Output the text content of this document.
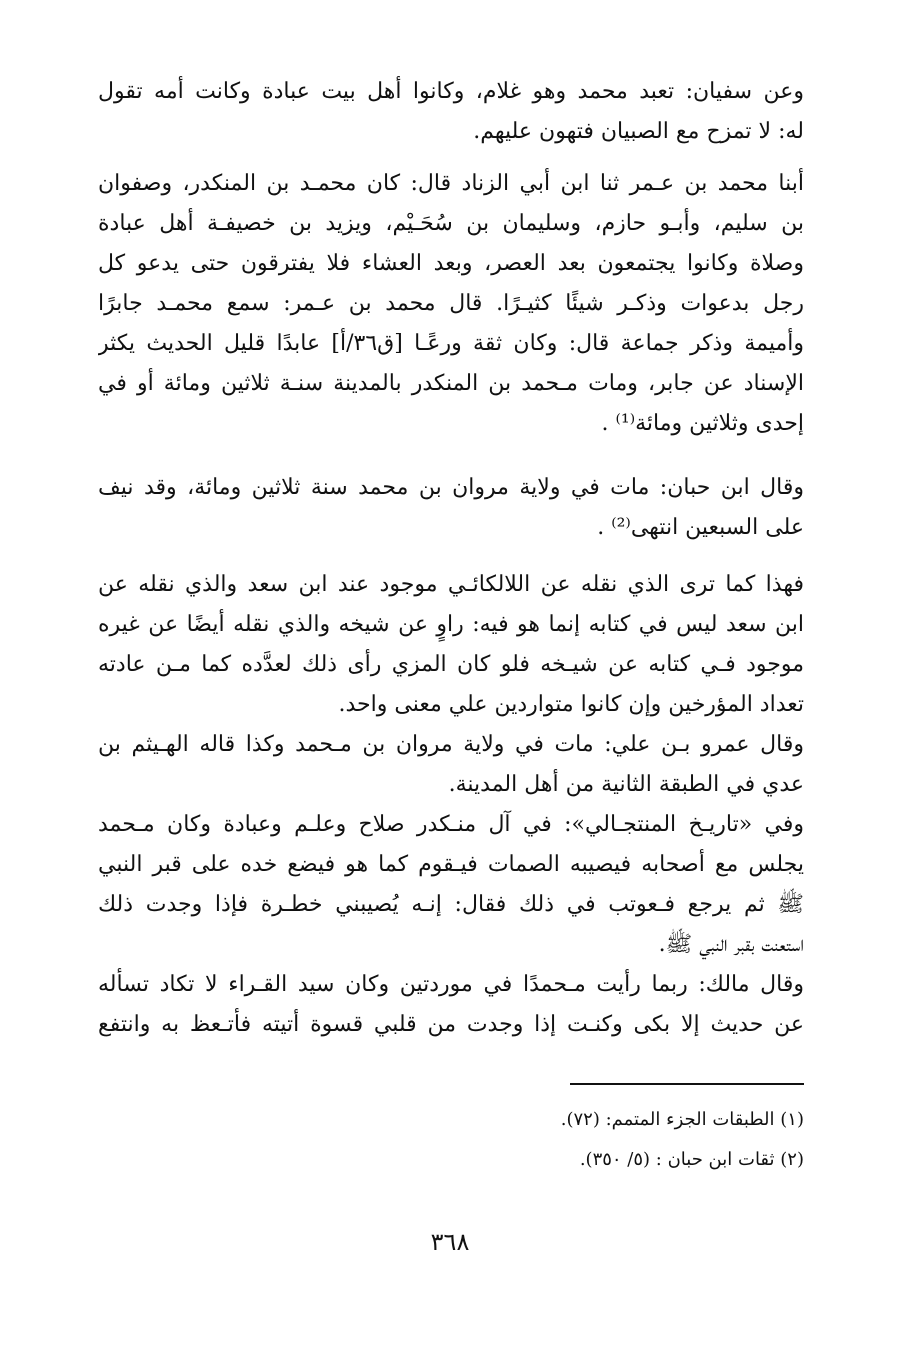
وعن سفيان: تعبد محمد وهو غلام، وكانوا أهل بيت عبادة وكانت أمه تقول
له: لا تمزح مع الصبيان فتهون عليهم.
أبنا محمد بن عـمر ثنا ابن أبي الزناد قال: كان محمـد بن المنكدر، وصفوان
بن سليم، وأبـو حازم، وسليمان بن سُحَـيْم، ويزيد بن خصيفـة أهل عبادة
وصلاة وكانوا يجتمعون بعد العصر، وبعد العشاء فلا يفترقون حتى يدعو كل
رجل بدعوات وذكـر شيئًا كثيـرًا. قال محمد بن عـمر: سمع محمـد جابرًا
وأميمة وذكر جماعة قال: وكان ثقة ورعًـا [ق٣٦/أ] عابدًا قليل الحديث يكثر
الإسناد عن جابر، ومات مـحمد بن المنكدر بالمدينة سنـة ثلاثين ومائة أو في
إحدى وثلاثين ومائة⁽¹⁾ .
وقال ابن حبان: مات في ولاية مروان بن محمد سنة ثلاثين ومائة، وقد نيف
على السبعين انتهى⁽²⁾ .
فهذا كما ترى الذي نقله عن اللالكائـي موجود عند ابن سعد والذي نقله عن
ابن سعد ليس في كتابه إنما هو فيه: راوٍ عن شيخه والذي نقله أيضًا عن غيره
موجود فـي كتابه عن شيـخه فلو كان المزي رأى ذلك لعدَّده كما مـن عادته
تعداد المؤرخين وإن كانوا متواردين علي معنى واحد.
وقال عمرو بـن علي: مات في ولاية مروان بن مـحمد وكذا قاله الهـيثم بن
عدي في الطبقة الثانية من أهل المدينة.
وفي «تاريـخ المنتجـالي»: في آل منـكدر صلاح وعلـم وعبادة وكان مـحمد
يجلس مع أصحابه فيصيبه الصمات فيـقوم كما هو فيضع خده على قبر النبي
ﷺ ثم يرجع فـعوتب في ذلك فقال: إنـه يُصيبني خطـرة فإذا وجدت ذلك
استعنت بقبر النبي ﷺ.
وقال مالك: ربما رأيت مـحمدًا في موردتين وكان سيد القـراء لا تكاد تسأله
عن حديث إلا بكى وكنـت إذا وجدت من قلبي قسوة أتيته فأتـعظ به وانتفع
(١) الطبقات الجزء المتمم: (٧٢).
(٢) ثقات ابن حبان : (٥/ ٣٥٠).
٣٦٨
